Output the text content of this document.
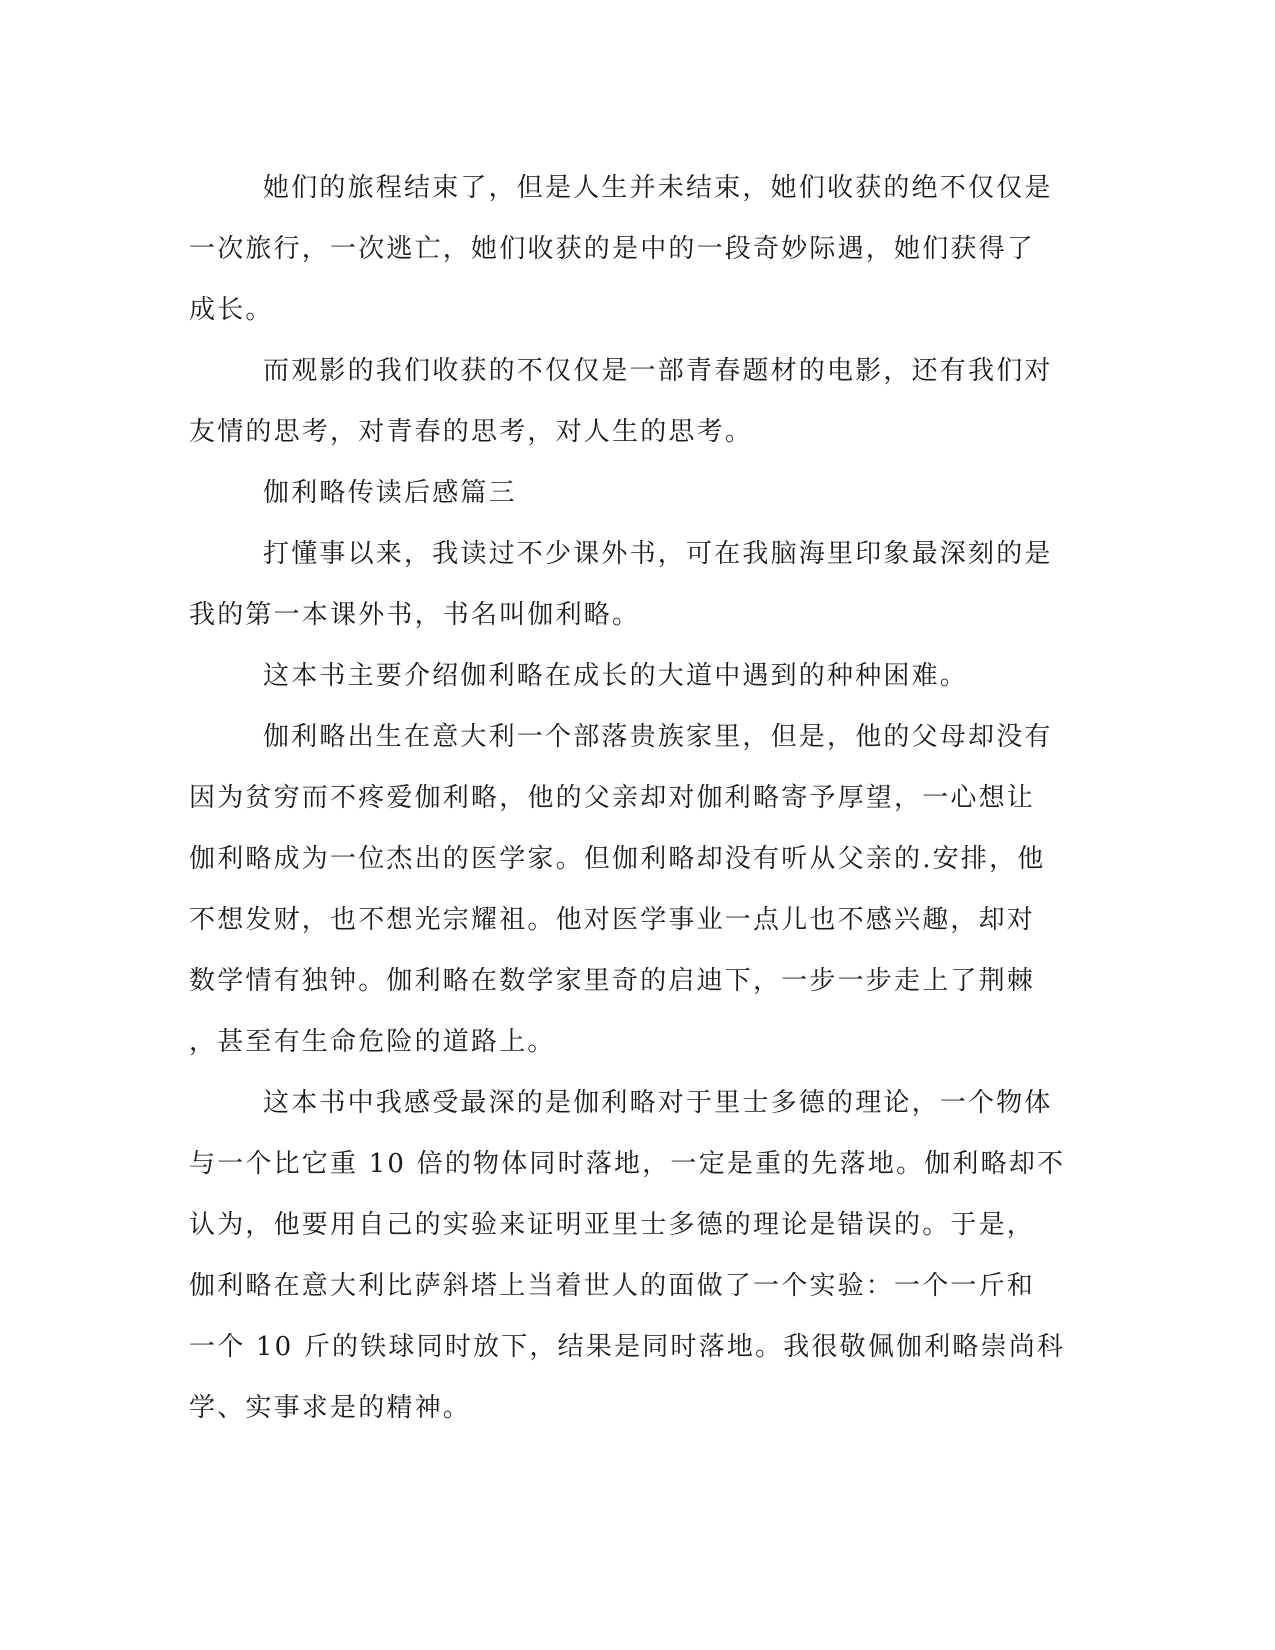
她们的旅程结束了，但是人生并未结束，她们收获的绝不仅仅是

一次旅行，一次逃亡，她们收获的是中的一段奇妙际遇，她们获得了

成长。

而观影的我们收获的不仅仅是一部青春题材的电影，还有我们对

友情的思考，对青春的思考，对人生的思考。

伽利略传读后感篇三

打懂事以来，我读过不少课外书，可在我脑海里印象最深刻的是

我的第一本课外书，书名叫伽利略。

这本书主要介绍伽利略在成长的大道中遇到的种种困难。

伽利略出生在意大利一个部落贵族家里，但是，他的父母却没有

因为贫穷而不疼爱伽利略，他的父亲却对伽利略寄予厚望，一心想让

伽利略成为一位杰出的医学家。但伽利略却没有听从父亲的.安排，他

不想发财，也不想光宗耀祖。他对医学事业一点儿也不感兴趣，却对

数学情有独钟。伽利略在数学家里奇的启迪下，一步一步走上了荆棘

，甚至有生命危险的道路上。

这本书中我感受最深的是伽利略对于里士多德的理论，一个物体

与一个比它重 10 倍的物体同时落地，一定是重的先落地。伽利略却不

认为，他要用自己的实验来证明亚里士多德的理论是错误的。于是，

伽利略在意大利比萨斜塔上当着世人的面做了一个实验：一个一斤和

一个 10 斤的铁球同时放下，结果是同时落地。我很敬佩伽利略崇尚科

学、实事求是的精神。
